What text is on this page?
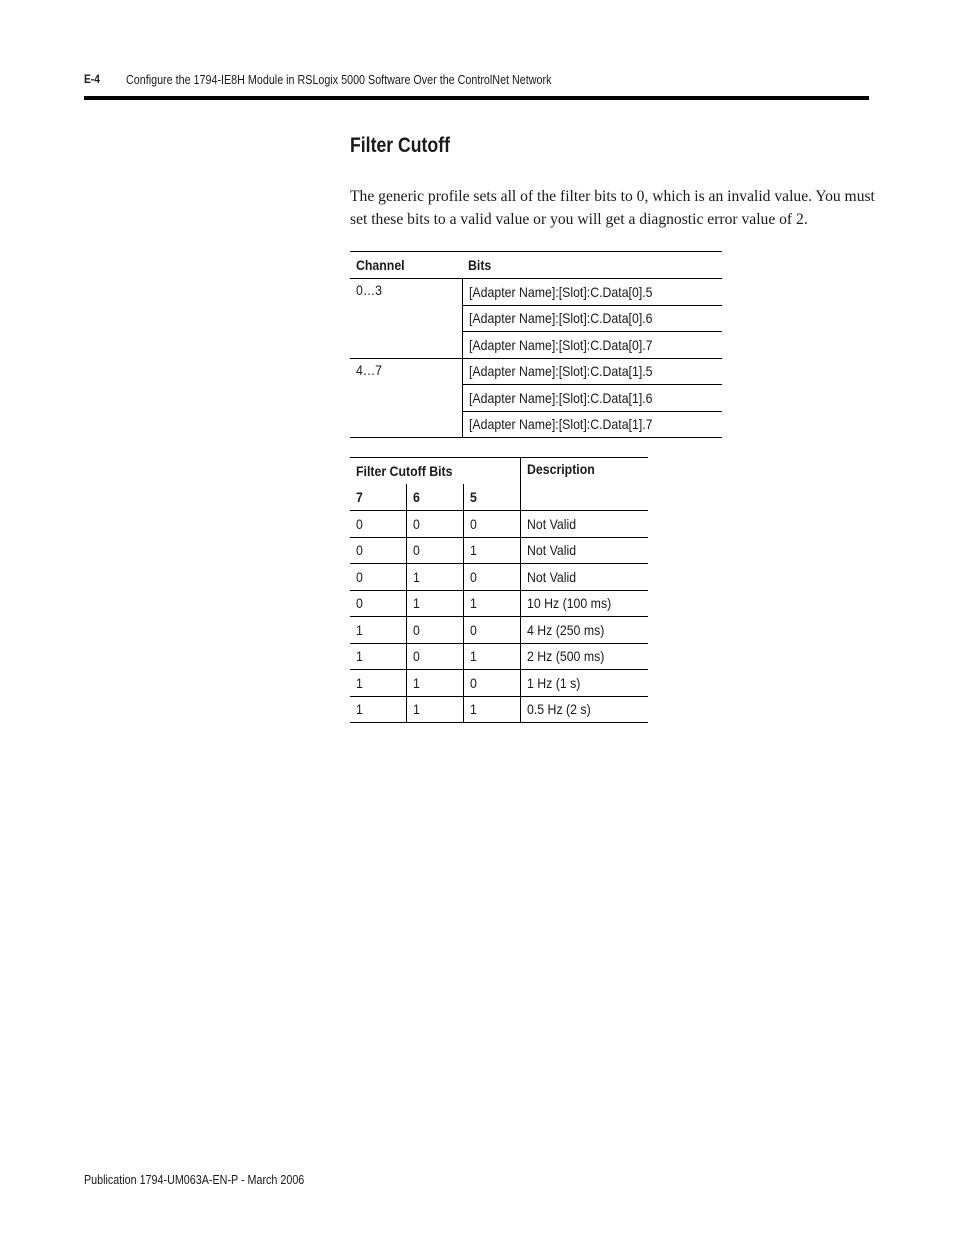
E-4 Configure the 1794-IE8H Module in RSLogix 5000 Software Over the ControlNet Network
Filter Cutoff

The generic profile sets all of the filter bits to 0, which is an invalid value. You must set these bits to a valid value or you will get a diagnostic error value of 2.

Channel	Bits
0…3	[Adapter Name]:[Slot]:C.Data[0].5
	[Adapter Name]:[Slot]:C.Data[0].6
	[Adapter Name]:[Slot]:C.Data[0].7
4…7	[Adapter Name]:[Slot]:C.Data[1].5
	[Adapter Name]:[Slot]:C.Data[1].6
	[Adapter Name]:[Slot]:C.Data[1].7
Filter Cutoff Bits			Description
7	6	5	
0	0	0	Not Valid
0	0	1	Not Valid
0	1	0	Not Valid
0	1	1	10 Hz (100 ms)
1	0	0	4 Hz (250 ms)
1	0	1	2 Hz (500 ms)
1	1	0	1 Hz (1 s)
1	1	1	0.5 Hz (2 s)
Publication 1794-UM063A-EN-P - March 2006
